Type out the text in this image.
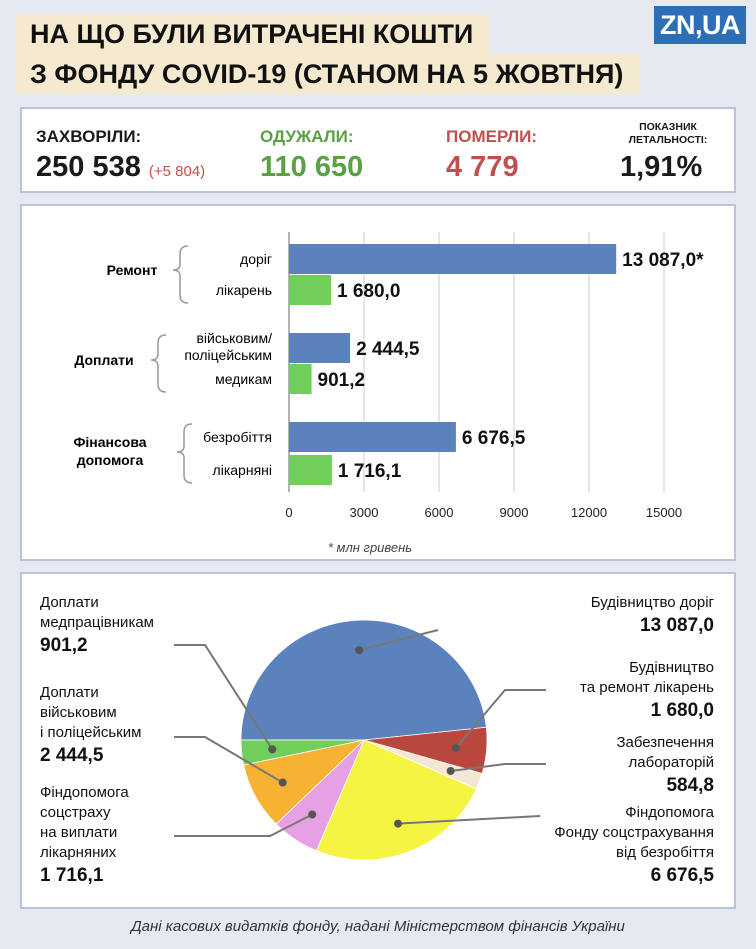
НА ЩО БУЛИ ВИТРАЧЕНІ КОШТИ
З ФОНДУ COVID-19 (СТАНОМ НА 5 ЖОВТНЯ)
ZN,UA
ЗАХВОРІЛИ:
250 538 (+5 804)
ОДУЖАЛИ:
110 650
ПОМЕРЛИ:
4 779
ПОКАЗНИК
ЛЕТАЛЬНОСТІ:
1,91%
0	3000	6000	9000	12000	15000
Ремонт	13 087,0*
доріг
1 680,0
лікарень
Доплати	2 444,5
військовим/
поліцейським
901,2
медикам
Фінансова
допомога
6 676,5
безробіття
1 716,1
лікарняні
* млн гривень
Будівництво доріг
13 087,0
Будівництво
та ремонт лікарень
1 680,0
Забезпечення
лабораторій
584,8
Фіндопомога
Фонду соцстрахування
від безробіття
6 676,5
Фіндопомога
соцстраху
на виплати
лікарняних
1 716,1
Доплати
військовим
і поліцейським
2 444,5
Доплати
медпрацівникам
901,2
Дані касових видатків фонду, надані Міністерством фінансів України
